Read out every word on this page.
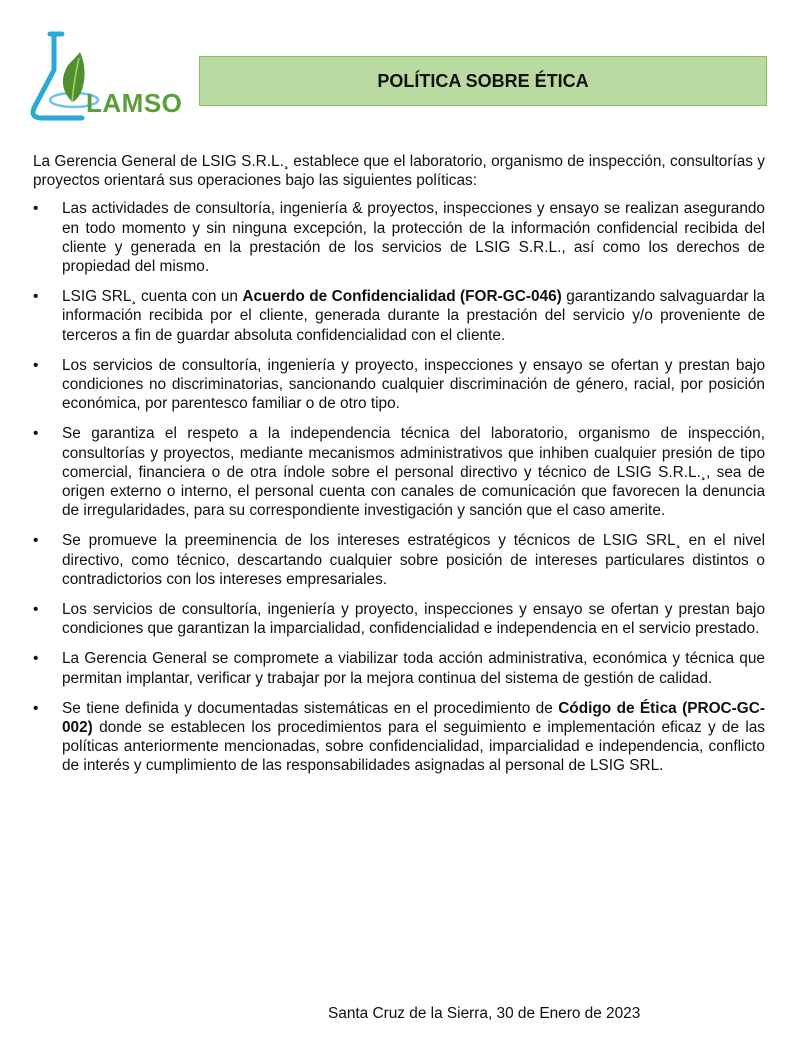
LAMSO
POLÍTICA SOBRE ÉTICA

La Gerencia General de LSIG S.R.L.¸ establece que el laboratorio, organismo de inspección, consultorías y proyectos orientará sus operaciones bajo las siguientes políticas:

•	Las actividades de consultoría, ingeniería & proyectos, inspecciones y ensayo se realizan asegurando en todo momento y sin ninguna excepción, la protección de la información confidencial recibida del cliente y generada en la prestación de los servicios de LSIG S.R.L., así como los derechos de propiedad del mismo.
•	LSIG SRL¸ cuenta con un Acuerdo de Confidencialidad (FOR-GC-046) garantizando salvaguardar la información recibida por el cliente, generada durante la prestación del servicio y/o proveniente de terceros a fin de guardar absoluta confidencialidad con el cliente.
•	Los servicios de consultoría, ingeniería y proyecto, inspecciones y ensayo se ofertan y prestan bajo condiciones no discriminatorias, sancionando cualquier discriminación de género, racial, por posición económica, por parentesco familiar o de otro tipo.
•	Se garantiza el respeto a la independencia técnica del laboratorio, organismo de inspección, consultorías y proyectos, mediante mecanismos administrativos que inhiben cualquier presión de tipo comercial, financiera o de otra índole sobre el personal directivo y técnico de LSIG S.R.L.¸, sea de origen externo o interno, el personal cuenta con canales de comunicación que favorecen la denuncia de irregularidades, para su correspondiente investigación y sanción que el caso amerite.
•	Se promueve la preeminencia de los intereses estratégicos y técnicos de LSIG SRL¸ en el nivel directivo, como técnico, descartando cualquier sobre posición de intereses particulares distintos o contradictorios con los intereses empresariales.
•	Los servicios de consultoría, ingeniería y proyecto, inspecciones y ensayo se ofertan y prestan bajo condiciones que garantizan la imparcialidad, confidencialidad e independencia en el servicio prestado.
•	La Gerencia General se compromete a viabilizar toda acción administrativa, económica y técnica que permitan implantar, verificar y trabajar por la mejora continua del sistema de gestión de calidad.
•	Se tiene definida y documentadas sistemáticas en el procedimiento de Código de Ética (PROC-GC-002) donde se establecen los procedimientos para el seguimiento e implementación eficaz y de las políticas anteriormente mencionadas, sobre confidencialidad, imparcialidad e independencia, conflicto de interés y cumplimiento de las responsabilidades asignadas al personal de LSIG SRL.
Santa Cruz de la Sierra, 30 de Enero de 2023
